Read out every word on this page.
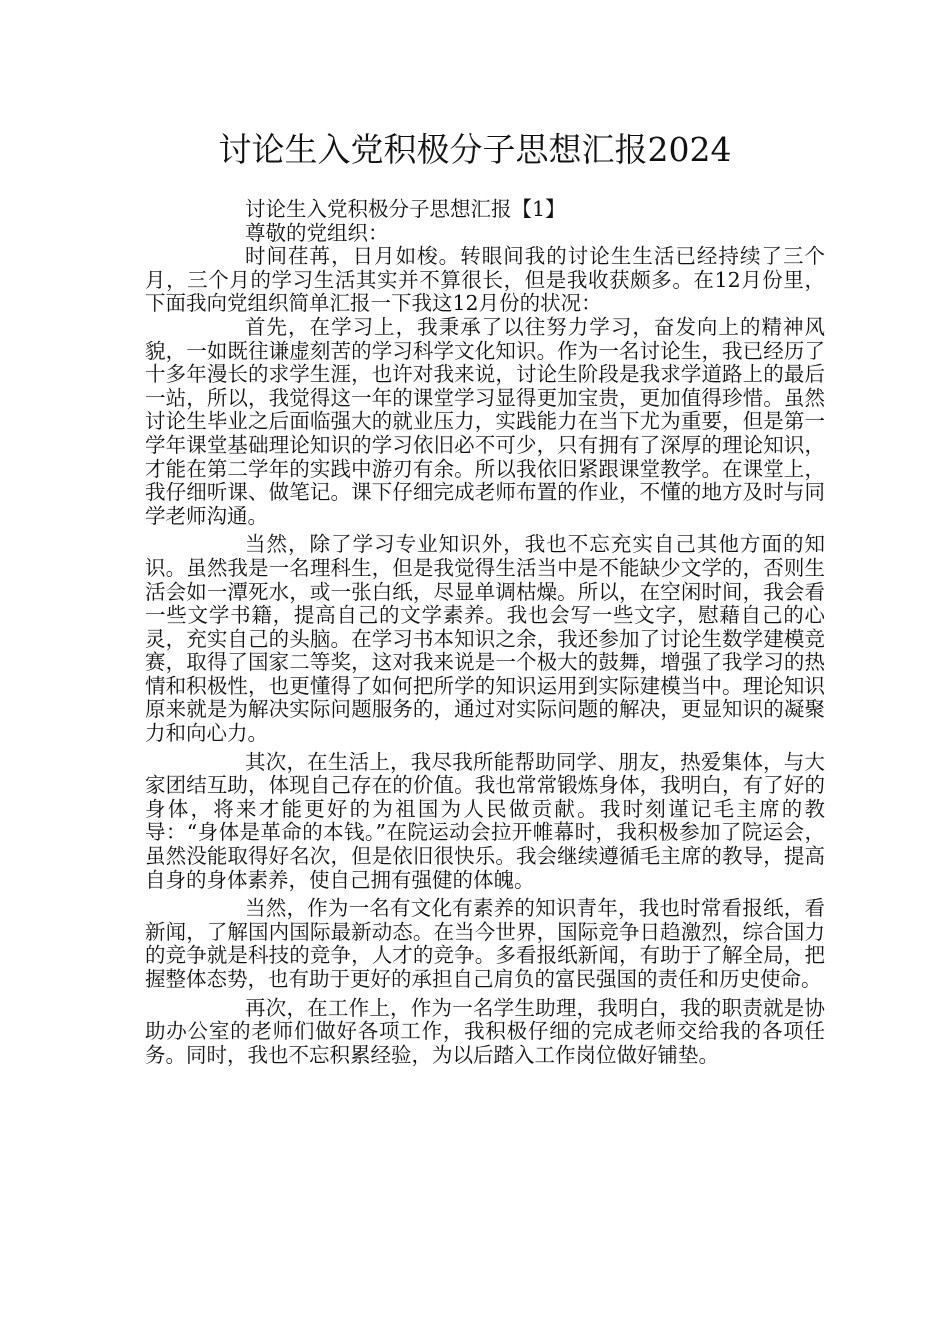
讨论生入党积极分子思想汇报2024

讨论生入党积极分子思想汇报【1】

尊敬的党组织：

时间荏苒，日月如梭。转眼间我的讨论生生活已经持续了三个月，三个月的学习生活其实并不算很长，但是我收获颇多。在12月份里，下面我向党组织简单汇报一下我这12月份的状况：

首先，在学习上，我秉承了以往努力学习，奋发向上的精神风貌，一如既往谦虚刻苦的学习科学文化知识。作为一名讨论生，我已经历了十多年漫长的求学生涯，也许对我来说，讨论生阶段是我求学道路上的最后一站，所以，我觉得这一年的课堂学习显得更加宝贵，更加值得珍惜。虽然讨论生毕业之后面临强大的就业压力，实践能力在当下尤为重要，但是第一学年课堂基础理论知识的学习依旧必不可少，只有拥有了深厚的理论知识，才能在第二学年的实践中游刃有余。所以我依旧紧跟课堂教学。在课堂上，我仔细听课、做笔记。课下仔细完成老师布置的作业，不懂的地方及时与同学老师沟通。

当然，除了学习专业知识外，我也不忘充实自己其他方面的知识。虽然我是一名理科生，但是我觉得生活当中是不能缺少文学的，否则生活会如一潭死水，或一张白纸，尽显单调枯燥。所以，在空闲时间，我会看一些文学书籍，提高自己的文学素养。我也会写一些文字，慰藉自己的心灵，充实自己的头脑。在学习书本知识之余，我还参加了讨论生数学建模竞赛，取得了国家二等奖，这对我来说是一个极大的鼓舞，增强了我学习的热情和积极性，也更懂得了如何把所学的知识运用到实际建模当中。理论知识原来就是为解决实际问题服务的，通过对实际问题的解决，更显知识的凝聚力和向心力。

其次，在生活上，我尽我所能帮助同学、朋友，热爱集体，与大家团结互助，体现自己存在的价值。我也常常锻炼身体，我明白，有了好的身体，将来才能更好的为祖国为人民做贡献。我时刻谨记毛主席的教导：“身体是革命的本钱。”在院运动会拉开帷幕时，我积极参加了院运会，虽然没能取得好名次，但是依旧很快乐。我会继续遵循毛主席的教导，提高自身的身体素养，使自己拥有强健的体魄。

当然，作为一名有文化有素养的知识青年，我也时常看报纸，看新闻，了解国内国际最新动态。在当今世界，国际竞争日趋激烈，综合国力的竞争就是科技的竞争，人才的竞争。多看报纸新闻，有助于了解全局，把握整体态势，也有助于更好的承担自己肩负的富民强国的责任和历史使命。

再次，在工作上，作为一名学生助理，我明白，我的职责就是协助办公室的老师们做好各项工作，我积极仔细的完成老师交给我的各项任务。同时，我也不忘积累经验，为以后踏入工作岗位做好铺垫。
